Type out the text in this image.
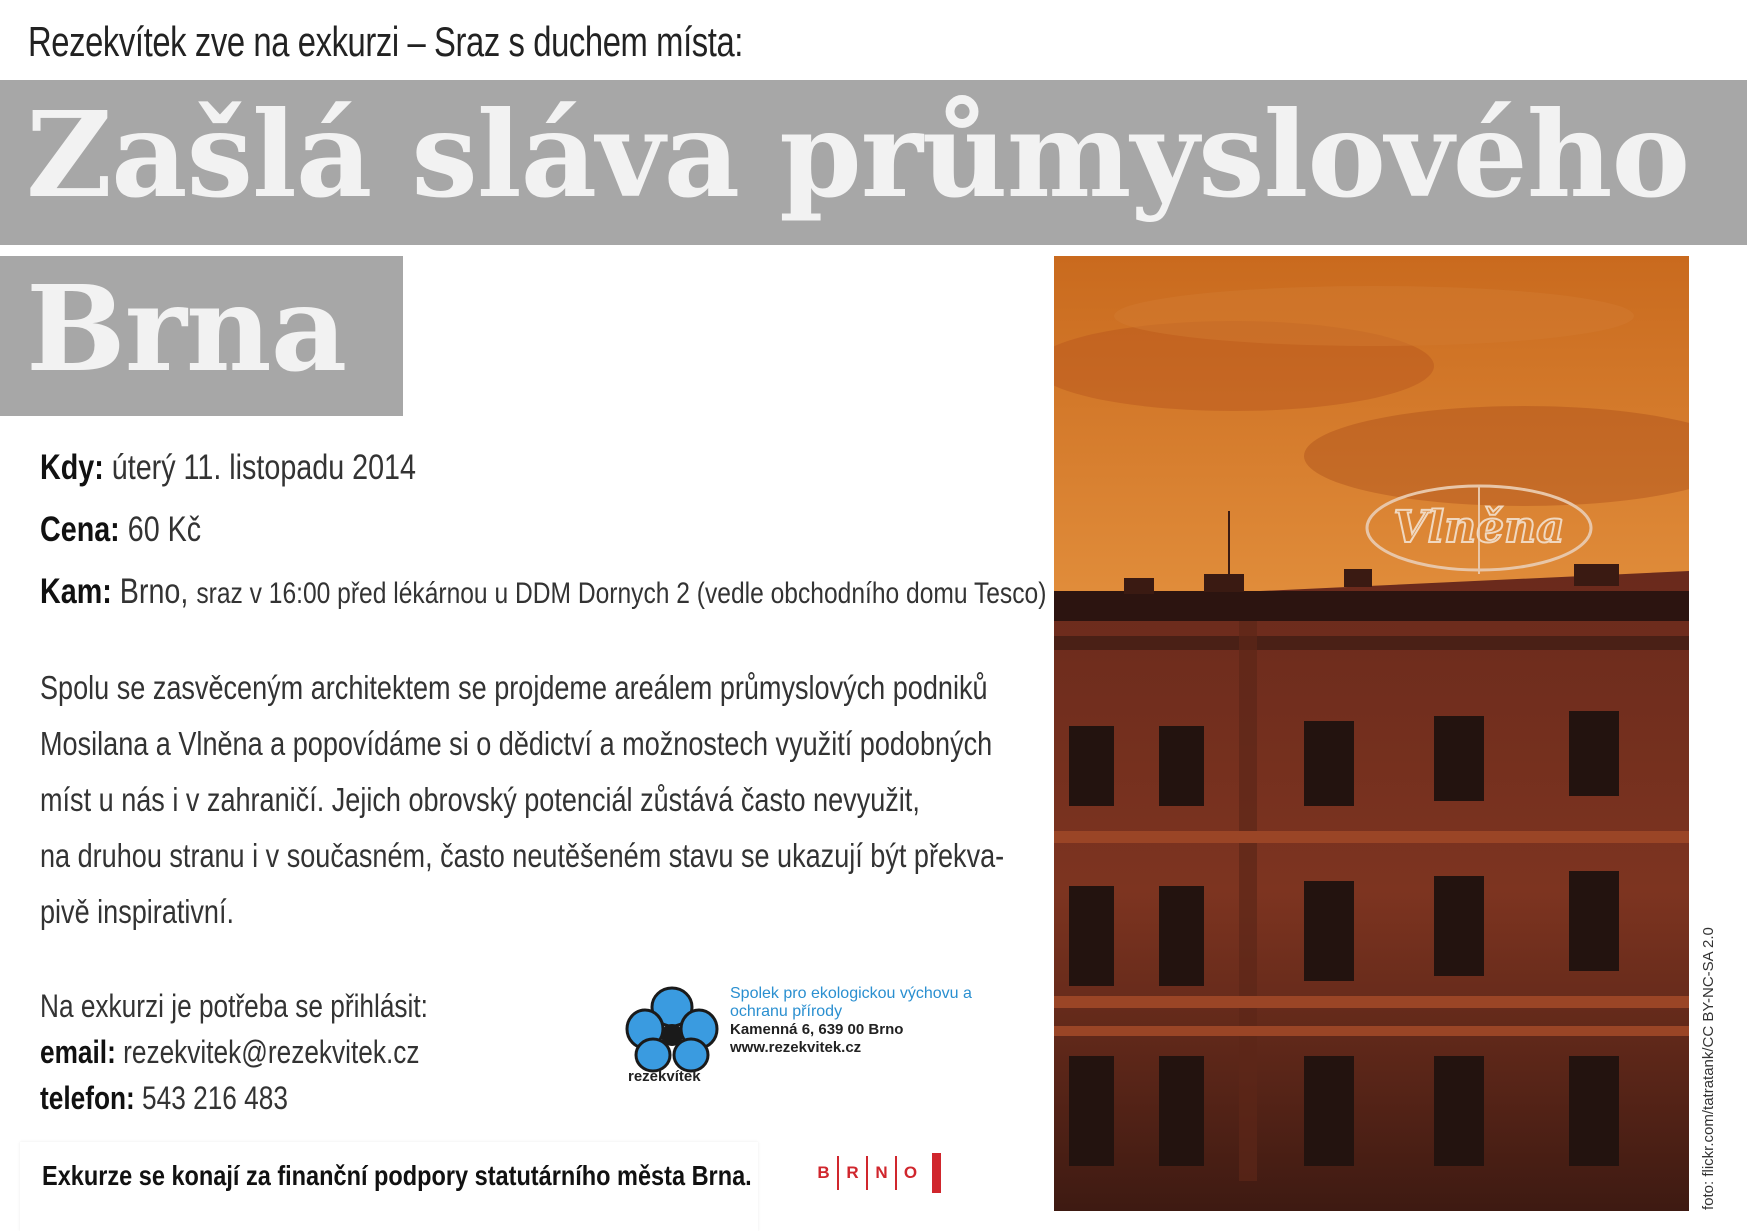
Rezekvítek zve na exkurzi – Sraz s duchem místa:
Zašlá sláva průmyslového
Brna
Kdy: úterý 11. listopadu 2014
Cena: 60 Kč
Kam: Brno, sraz v 16:00 před lékárnou u DDM Dornych 2 (vedle obchodního domu Tesco)
Spolu se zasvěceným architektem se projdeme areálem průmyslových podniků
Mosilana a Vlněna a popovídáme si o dědictví a možnostech využití podobných
míst u nás i v zahraničí. Jejich obrovský potenciál zůstává často nevyužit,
na druhou stranu i v současném, často neutěšeném stavu se ukazují být překva-
pivě inspirativní.
Na exkurzi je potřeba se přihlásit:
email: rezekvitek@rezekvitek.cz
telefon: 543 216 483
rezekvítek
Spolek pro ekologickou výchovu a ochranu přírody
Kamenná 6, 639 00 Brno
www.rezekvitek.cz
Exkurze se konají za finanční podpory statutárního města Brna.	B R N O
Vlněna
foto: flickr.com/tatratank/CC BY-NC-SA 2.0
